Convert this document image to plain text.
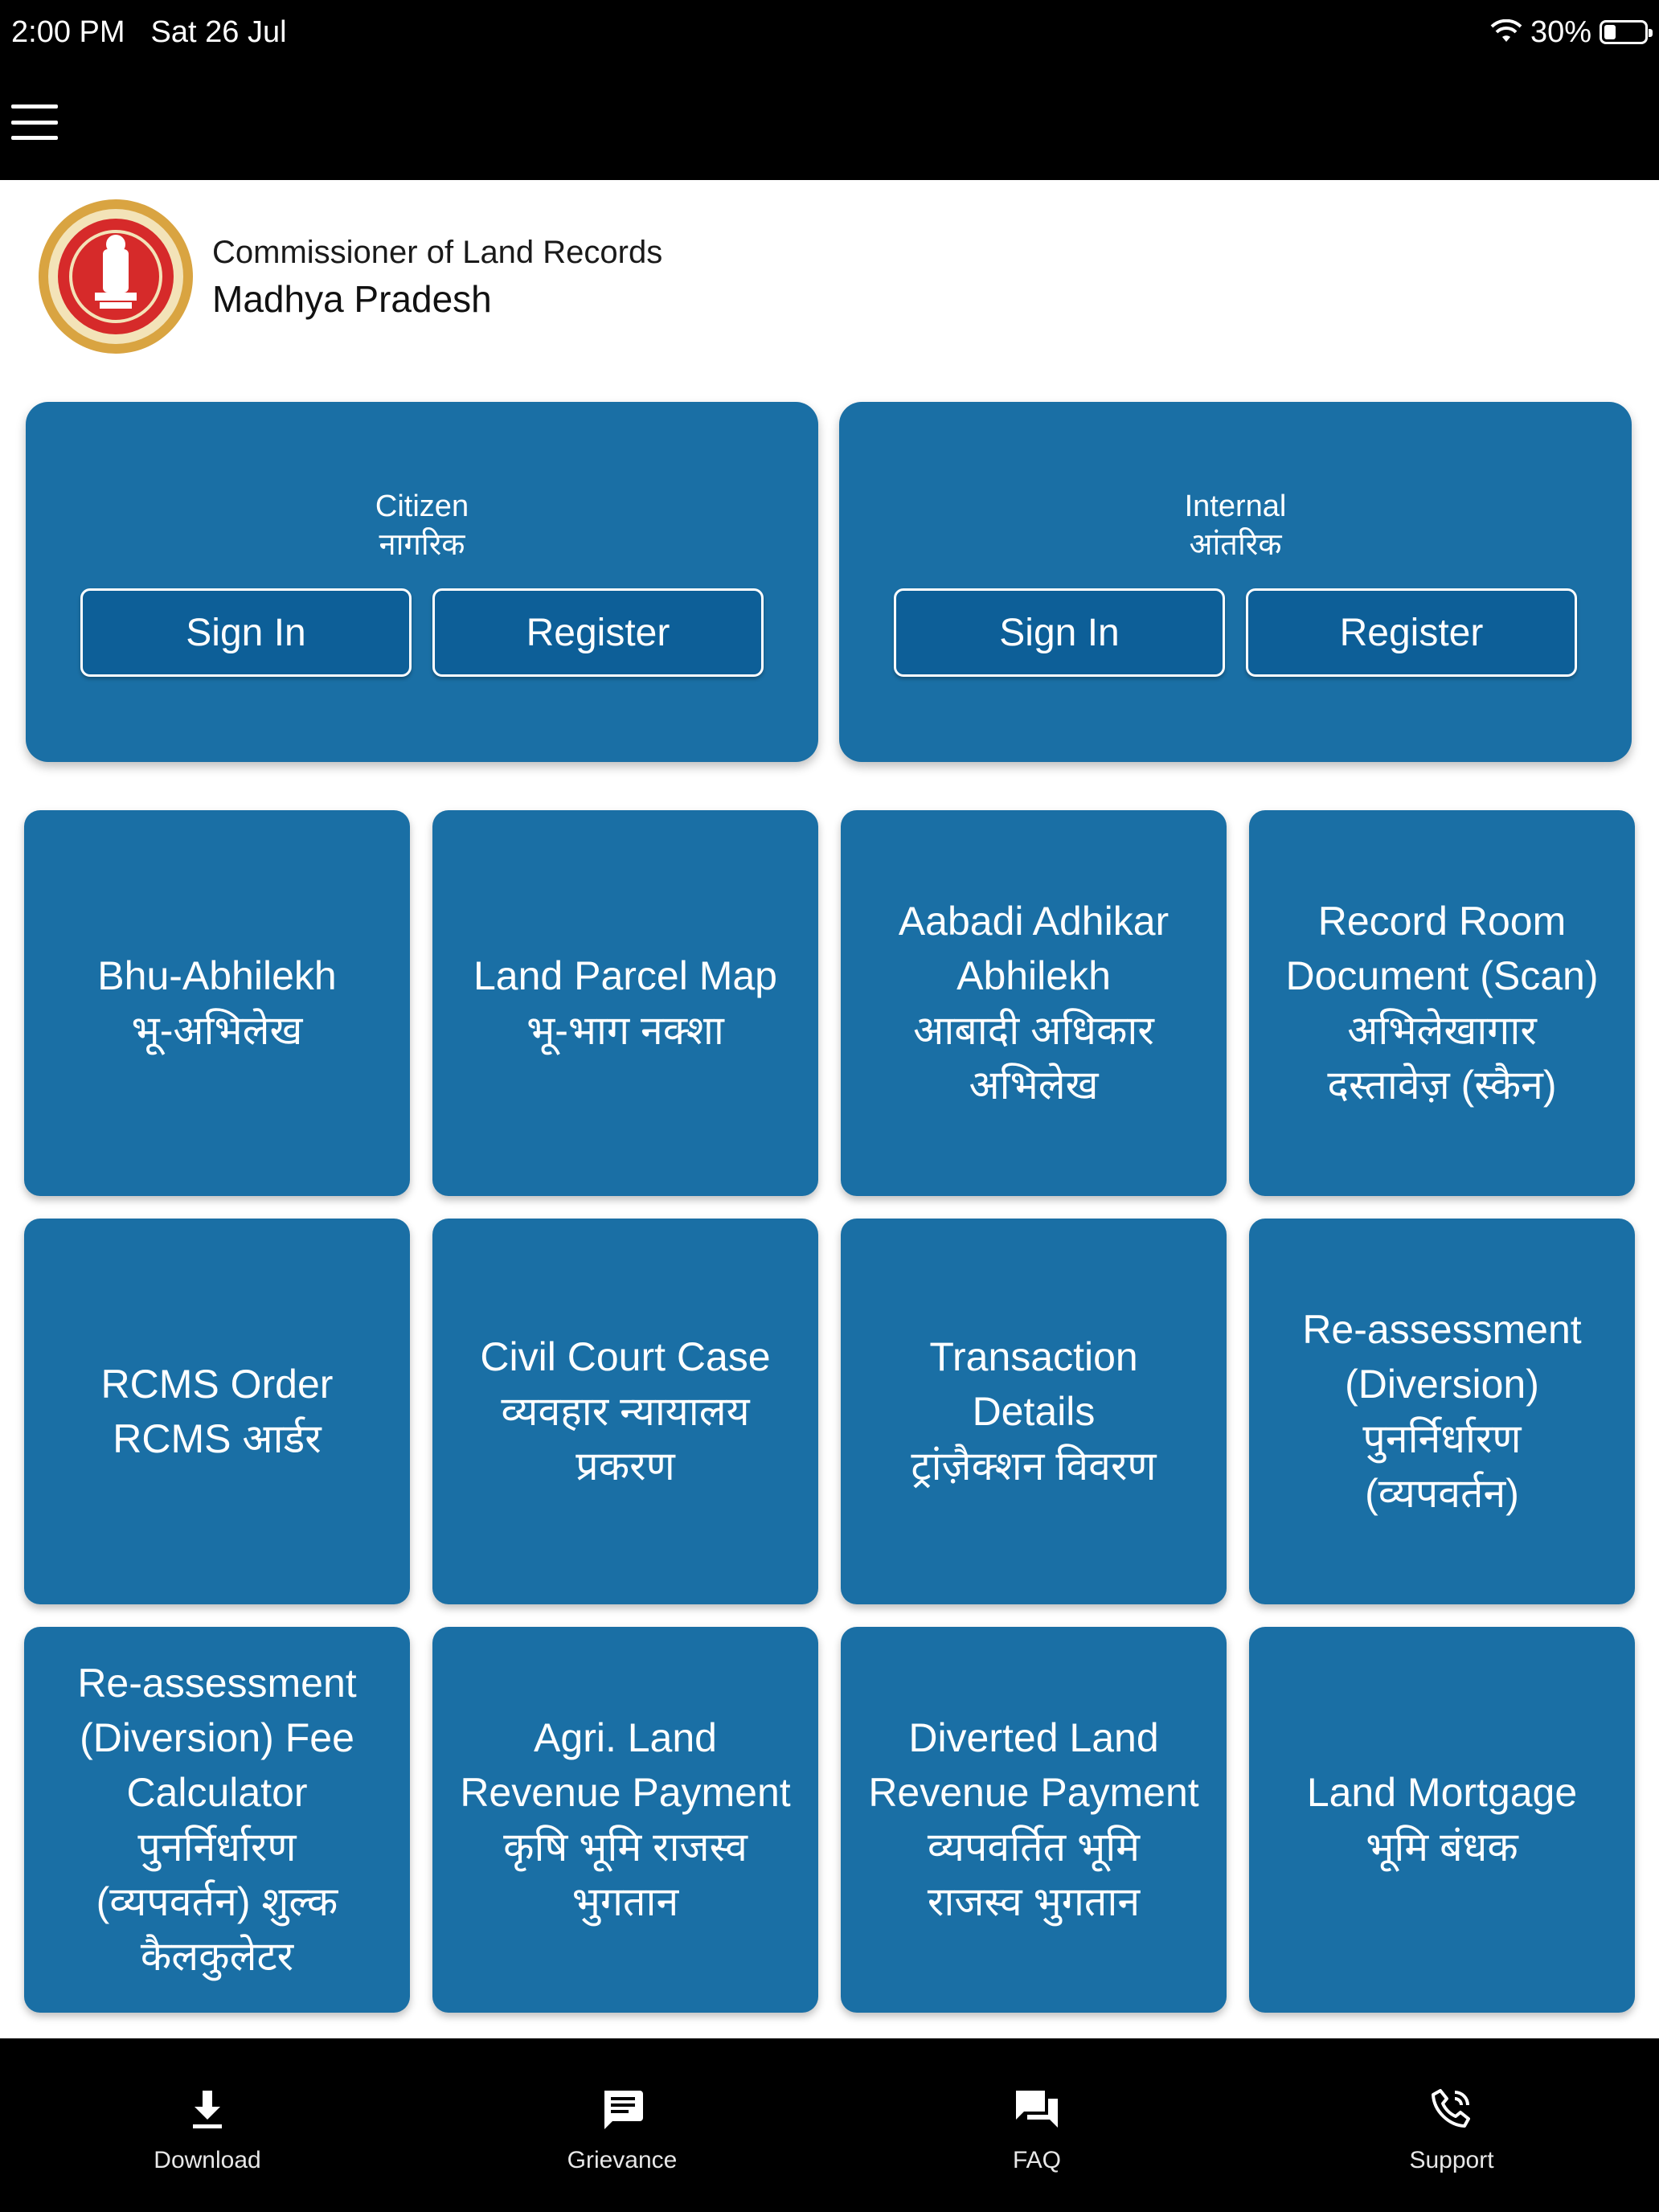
2:00 PM Sat 26 Jul	30%
Commissioner of Land Records
Madhya Pradesh
Citizen
नागरिक
Sign In	Register
Internal
आंतरिक
Sign In	Register
Bhu-Abhilekh
भू-अभिलेख
Land Parcel Map
भू-भाग नक्शा
Aabadi Adhikar
Abhilekh
आबादी अधिकार
अभिलेख
Record Room
Document (Scan)
अभिलेखागार
दस्तावेज़ (स्कैन)
RCMS Order
RCMS आर्डर
Civil Court Case
व्यवहार न्यायालय
प्रकरण
Transaction
Details
ट्रांज़ैक्शन विवरण
Re-assessment
(Diversion)
पुनर्निर्धारण
(व्यपवर्तन)
Re-assessment
(Diversion) Fee
Calculator
पुनर्निर्धारण
(व्यपवर्तन) शुल्क
कैलकुलेटर
Agri. Land
Revenue Payment
कृषि भूमि राजस्व
भुगतान
Diverted Land
Revenue Payment
व्यपवर्तित भूमि
राजस्व भुगतान
Land Mortgage
भूमि बंधक
Download	Grievance	FAQ	Support
